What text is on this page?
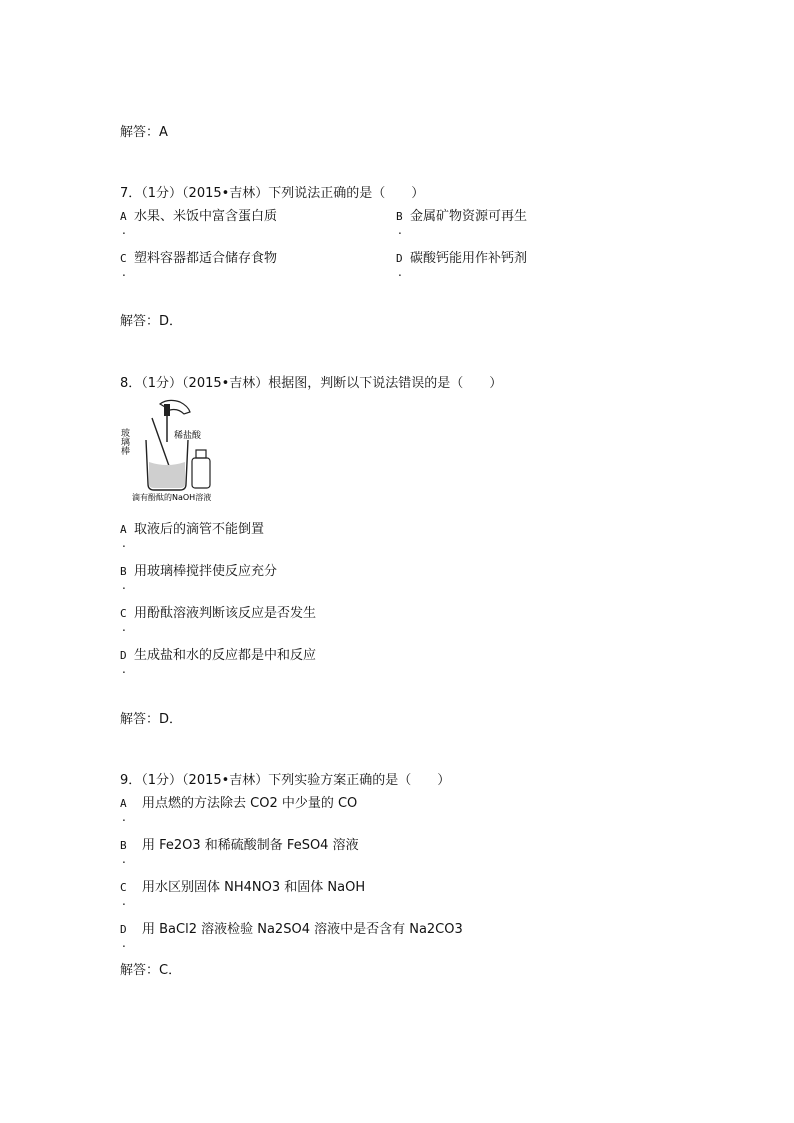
解答：A
7．（1分）（2015•吉林）下列说法正确的是（　　）
A 水果、米饭中富含蛋白质
.
B 金属矿物资源可再生
.
C 塑料容器都适合储存食物
.
D 碳酸钙能用作补钙剂
.
解答：D．
8．（1分）（2015•吉林）根据图，判断以下说法错误的是（　　）
玻璃棒	稀盐酸
滴有酚酞的NaOH溶液
A 取液后的滴管不能倒置
.
B 用玻璃棒搅拌使反应充分
.
C 用酚酞溶液判断该反应是否发生
.
D 生成盐和水的反应都是中和反应
.
解答：D．
9．（1分）（2015•吉林）下列实验方案正确的是（　　）
A 用点燃的方法除去 CO2 中少量的 CO
.
B 用 Fe2O3 和稀硫酸制备 FeSO4 溶液
.
C 用水区别固体 NH4NO3 和固体 NaOH
.
D 用 BaCl2 溶液检验 Na2SO4 溶液中是否含有 Na2CO3
.
解答：C．
